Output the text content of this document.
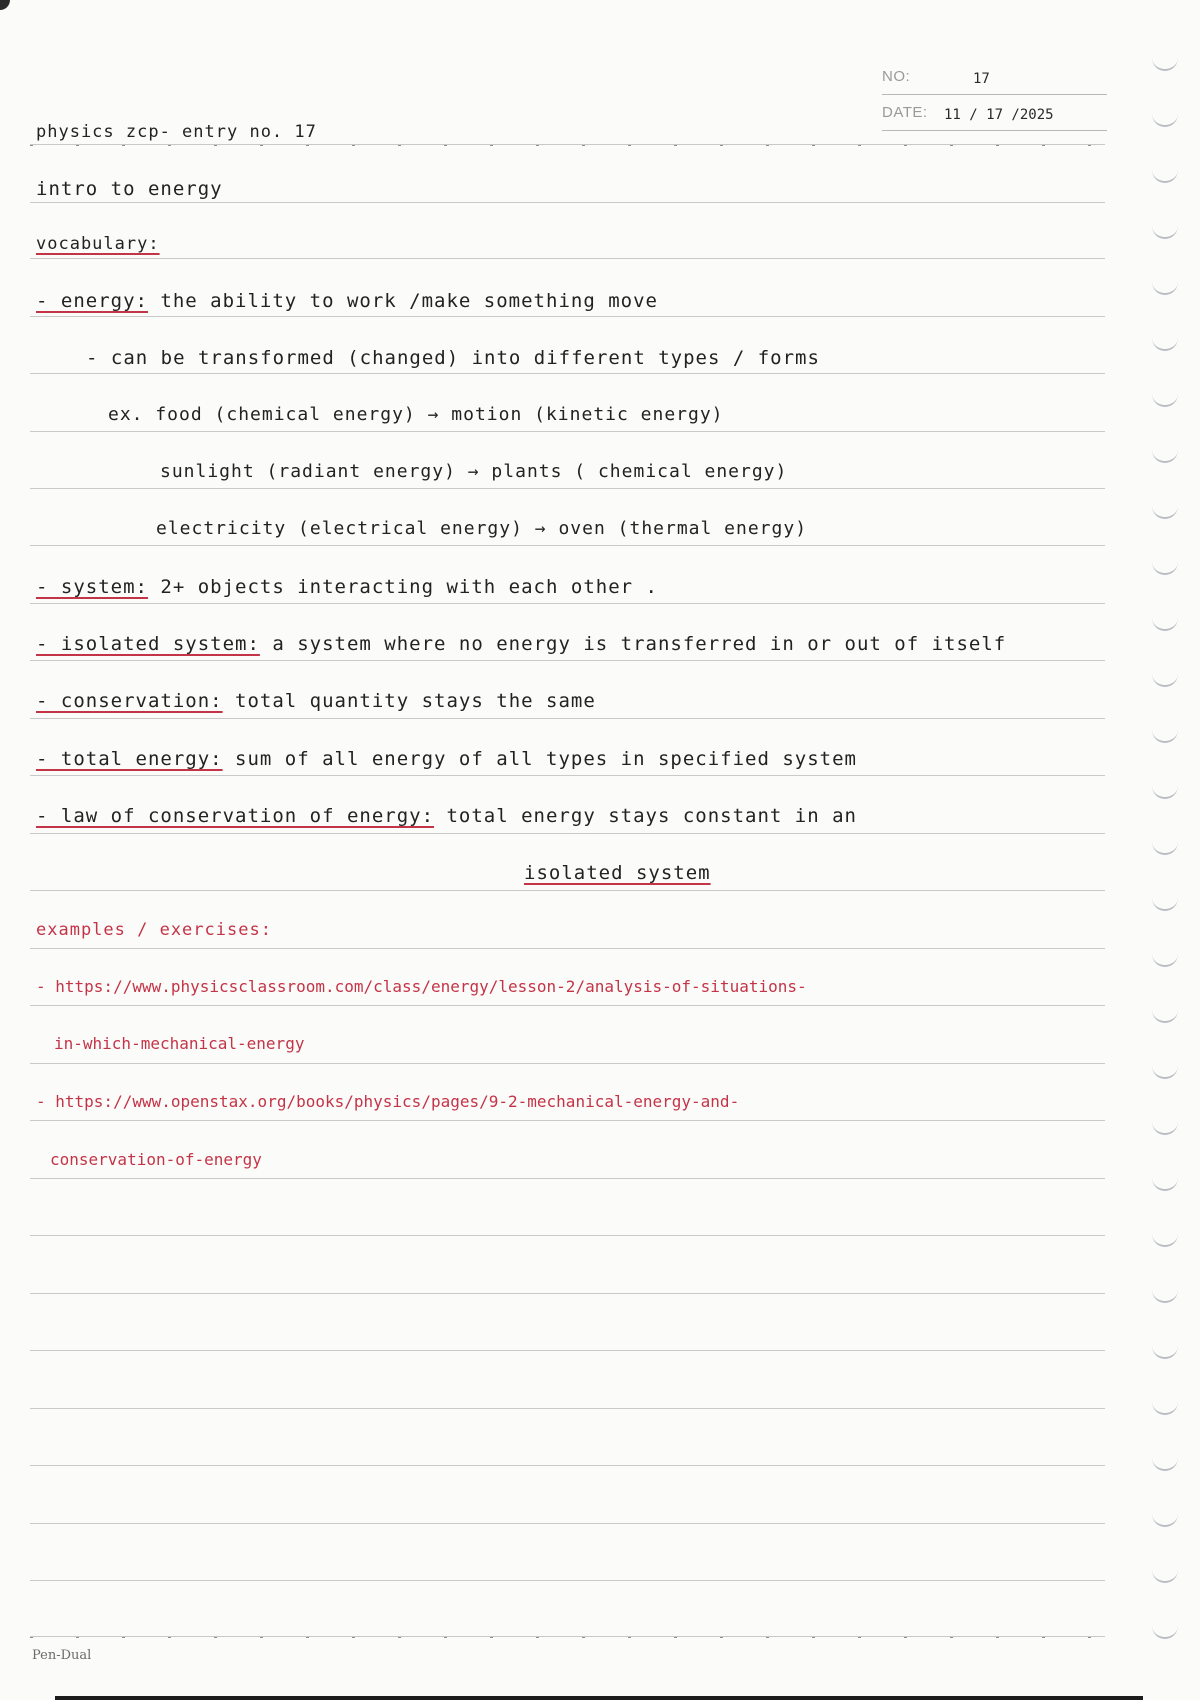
NO:	17
DATE: 11 / 17 /2025
physics zcp- entry no. 17
intro to energy
vocabulary:
- energy: the ability to work /make something move
- can be transformed (changed) into different types / forms
ex. food (chemical energy) → motion (kinetic energy)
sunlight (radiant energy) → plants ( chemical energy)
electricity (electrical energy) → oven (thermal energy)
- system: 2+ objects interacting with each other .
- isolated system: a system where no energy is transferred in or out of itself
- conservation: total quantity stays the same
- total energy: sum of all energy of all types in specified system
- law of conservation of energy: total energy stays constant in an
isolated system
examples / exercises:
- https://www.physicsclassroom.com/class/energy/lesson-2/analysis-of-situations-
in-which-mechanical-energy
- https://www.openstax.org/books/physics/pages/9-2-mechanical-energy-and-
conservation-of-energy
Pen-Dual
